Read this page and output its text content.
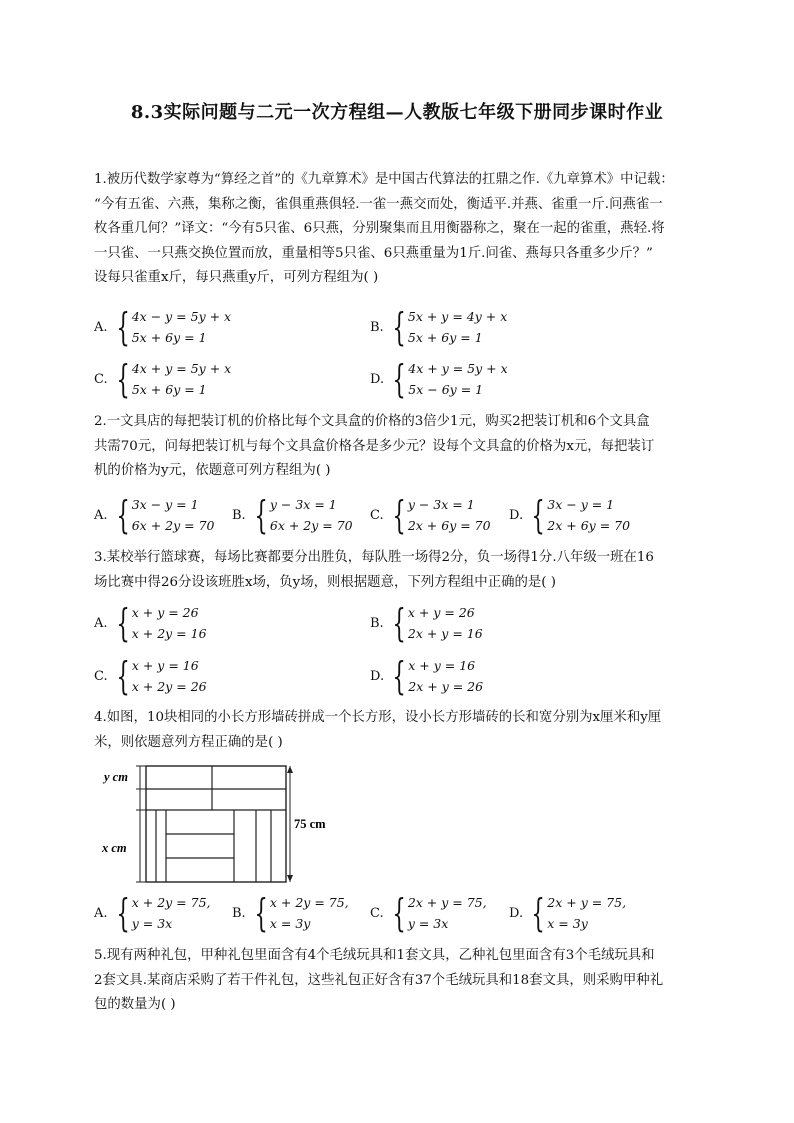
8.3实际问题与二元一次方程组—人教版七年级下册同步课时作业
1.被历代数学家尊为“算经之首”的《九章算术》是中国古代算法的扛鼎之作.《九章算术》中记载：
“今有五雀、六燕，集称之衡，雀俱重燕俱轻.一雀一燕交而处，衡适平.并燕、雀重一斤.问燕雀一
枚各重几何？”译文：“今有5只雀、6只燕，分别聚集而且用衡器称之，聚在一起的雀重，燕轻.将
一只雀、一只燕交换位置而放，重量相等5只雀、6只燕重量为1斤.问雀、燕每只各重多少斤？”
设每只雀重x斤，每只燕重y斤，可列方程组为( )
A. { 4x − y = 5y + x
5x + 6y = 1
B. { 5x + y = 4y + x
5x + 6y = 1
C. { 4x + y = 5y + x
5x + 6y = 1
D. { 4x + y = 5y + x
5x − 6y = 1
2.一文具店的每把装订机的价格比每个文具盒的价格的3倍少1元，购买2把装订机和6个文具盒
共需70元，问每把装订机与每个文具盒价格各是多少元？设每个文具盒的价格为x元，每把装订
机的价格为y元，依题意可列方程组为( )
A. { 3x − y = 1
6x + 2y = 70
B. { y − 3x = 1
6x + 2y = 70
C. { y − 3x = 1
2x + 6y = 70
D. { 3x − y = 1
2x + 6y = 70
3.某校举行篮球赛，每场比赛都要分出胜负，每队胜一场得2分，负一场得1分.八年级一班在16
场比赛中得26分设该班胜x场，负y场，则根据题意，下列方程组中正确的是( )
A. { x + y = 26
x + 2y = 16
B. { x + y = 26
2x + y = 16
C. { x + y = 16
x + 2y = 26
D. { x + y = 16
2x + y = 26
4.如图，10块相同的小长方形墙砖拼成一个长方形，设小长方形墙砖的长和宽分别为x厘米和y厘
米，则依题意列方程正确的是( )
y cm
x cm
75 cm
A. { x + 2y = 75,
y = 3x
B. { x + 2y = 75,
x = 3y
C. { 2x + y = 75,
y = 3x
D. { 2x + y = 75,
x = 3y
5.现有两种礼包，甲种礼包里面含有4个毛绒玩具和1套文具，乙种礼包里面含有3个毛绒玩具和
2套文具.某商店采购了若干件礼包，这些礼包正好含有37个毛绒玩具和18套文具，则采购甲种礼
包的数量为( )
